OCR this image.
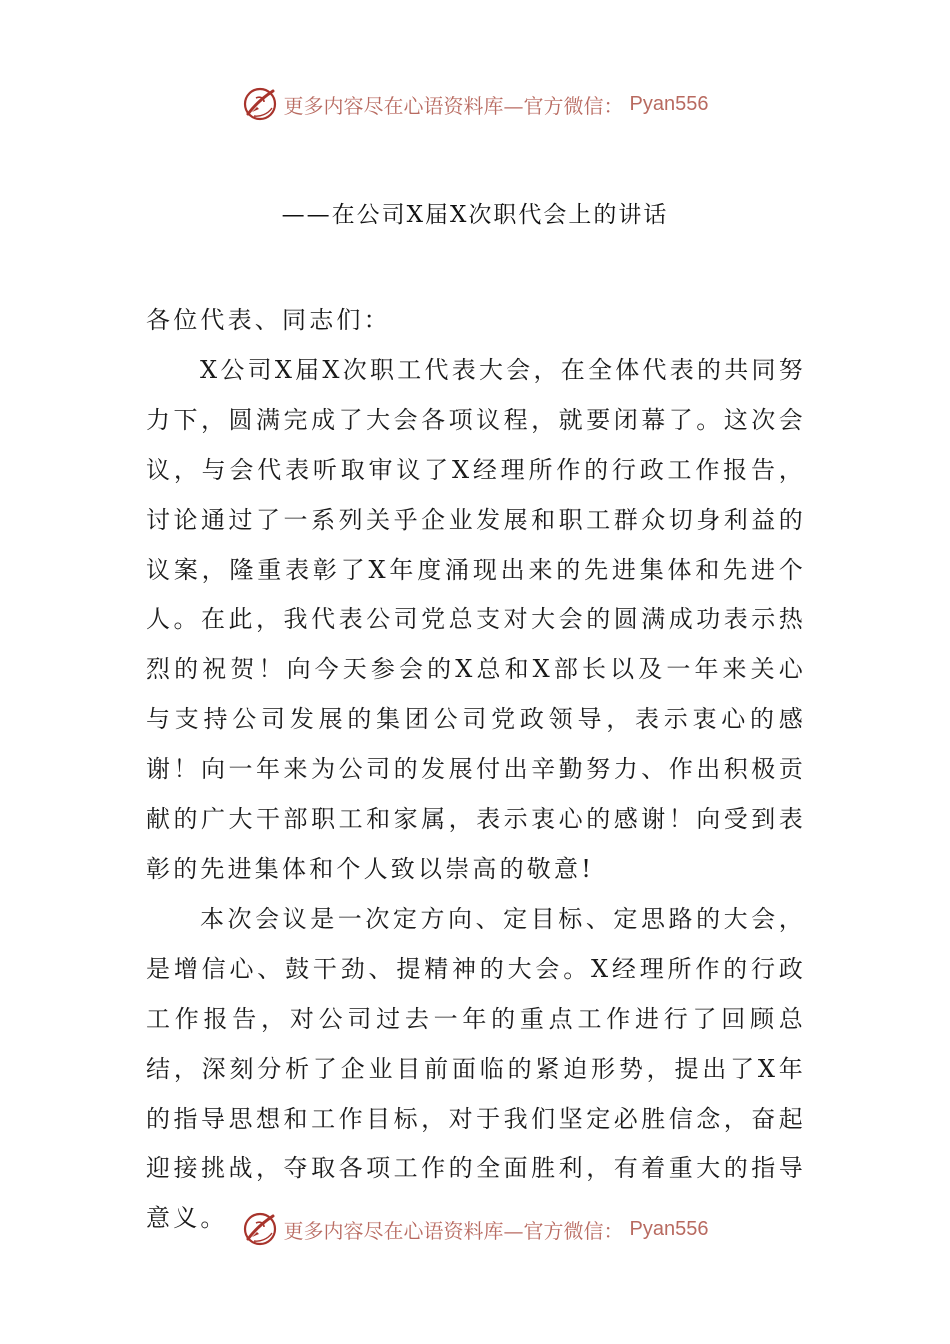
更多内容尽在心语资料库—官方微信： Pyan556
——在公司X届X次职代会上的讲话

各位代表、同志们：

X公司X届X次职工代表大会，在全体代表的共同努力下，圆满完成了大会各项议程，就要闭幕了。这次会议，与会代表听取审议了X经理所作的行政工作报告，讨论通过了一系列关乎企业发展和职工群众切身利益的议案，隆重表彰了X年度涌现出来的先进集体和先进个人。在此，我代表公司党总支对大会的圆满成功表示热烈的祝贺！向今天参会的X总和X部长以及一年来关心与支持公司发展的集团公司党政领导，表示衷心的感谢！向一年来为公司的发展付出辛勤努力、作出积极贡献的广大干部职工和家属，表示衷心的感谢！向受到表彰的先进集体和个人致以崇高的敬意!

本次会议是一次定方向、定目标、定思路的大会，是增信心、鼓干劲、提精神的大会。X经理所作的行政工作报告，对公司过去一年的重点工作进行了回顾总结，深刻分析了企业目前面临的紧迫形势，提出了X年的指导思想和工作目标，对于我们坚定必胜信念，奋起迎接挑战，夺取各项工作的全面胜利，有着重大的指导意义。	更多内容尽在心语资料库—官方微信： Pyan556
